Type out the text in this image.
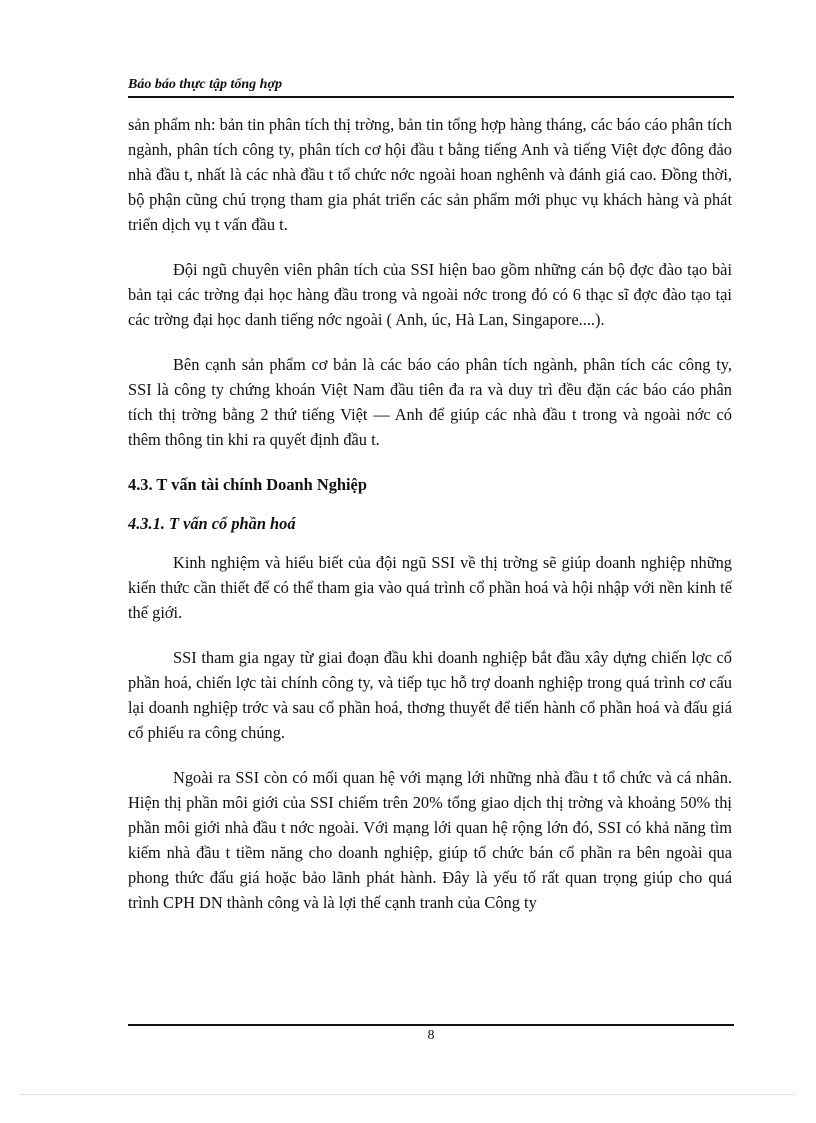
Báo báo thực tập tổng hợp

sản phẩm nh: bản tin phân tích thị trờng, bản tin tổng hợp hàng tháng, các báo cáo phân tích ngành, phân tích công ty, phân tích cơ hội đầu t bằng tiếng Anh và tiếng Việt đợc đông đảo nhà đầu t, nhất là các nhà đầu t tổ chức nớc ngoài hoan nghênh và đánh giá cao. Đồng thời, bộ phận cũng chú trọng tham gia phát triển các sản phẩm mới phục vụ khách hàng và phát triển dịch vụ t vấn đầu t.

Đội ngũ chuyên viên phân tích của SSI hiện bao gồm những cán bộ đợc đào tạo bài bản tại các trờng đại học hàng đầu trong và ngoài nớc trong đó có 6 thạc sĩ đợc đào tạo tại các trờng đại học danh tiếng nớc ngoài ( Anh, úc, Hà Lan, Singapore....).

Bên cạnh sản phẩm cơ bản là các báo cáo phân tích ngành, phân tích các công ty, SSI là công ty chứng khoán Việt Nam đầu tiên đa ra và duy trì đều đặn các báo cáo phân tích thị trờng bằng 2 thứ tiếng Việt — Anh để giúp các nhà đầu t trong và ngoài nớc có thêm thông tin khi ra quyết định đầu t.

4.3. T vấn tài chính Doanh Nghiệp
4.3.1. T vấn cổ phần hoá

Kinh nghiệm và hiểu biết của đội ngũ SSI về thị trờng sẽ giúp doanh nghiệp những kiến thức cần thiết để có thể tham gia vào quá trình cổ phần hoá và hội nhập với nền kinh tế thế giới.

SSI tham gia ngay từ giai đoạn đầu khi doanh nghiệp bắt đầu xây dựng chiến lợc cổ phần hoá, chiến lợc tài chính công ty, và tiếp tục hỗ trợ doanh nghiệp trong quá trình cơ cấu lại doanh nghiệp trớc và sau cổ phần hoá, thơng thuyết để tiến hành cổ phần hoá và đấu giá cổ phiếu ra công chúng.

Ngoài ra SSI còn có mối quan hệ với mạng lới những nhà đầu t tổ chức và cá nhân. Hiện thị phần môi giới của SSI chiếm trên 20% tổng giao dịch thị trờng và khoảng 50% thị phần môi giới nhà đầu t nớc ngoài. Với mạng lới quan hệ rộng lớn đó, SSI có khả năng tìm kiếm nhà đầu t tiềm năng cho doanh nghiệp, giúp tổ chức bán cổ phần ra bên ngoài qua phong thức đấu giá hoặc bảo lãnh phát hành. Đây là yếu tố rất quan trọng giúp cho quá trình CPH DN thành công và là lợi thế cạnh tranh của Công ty

8
